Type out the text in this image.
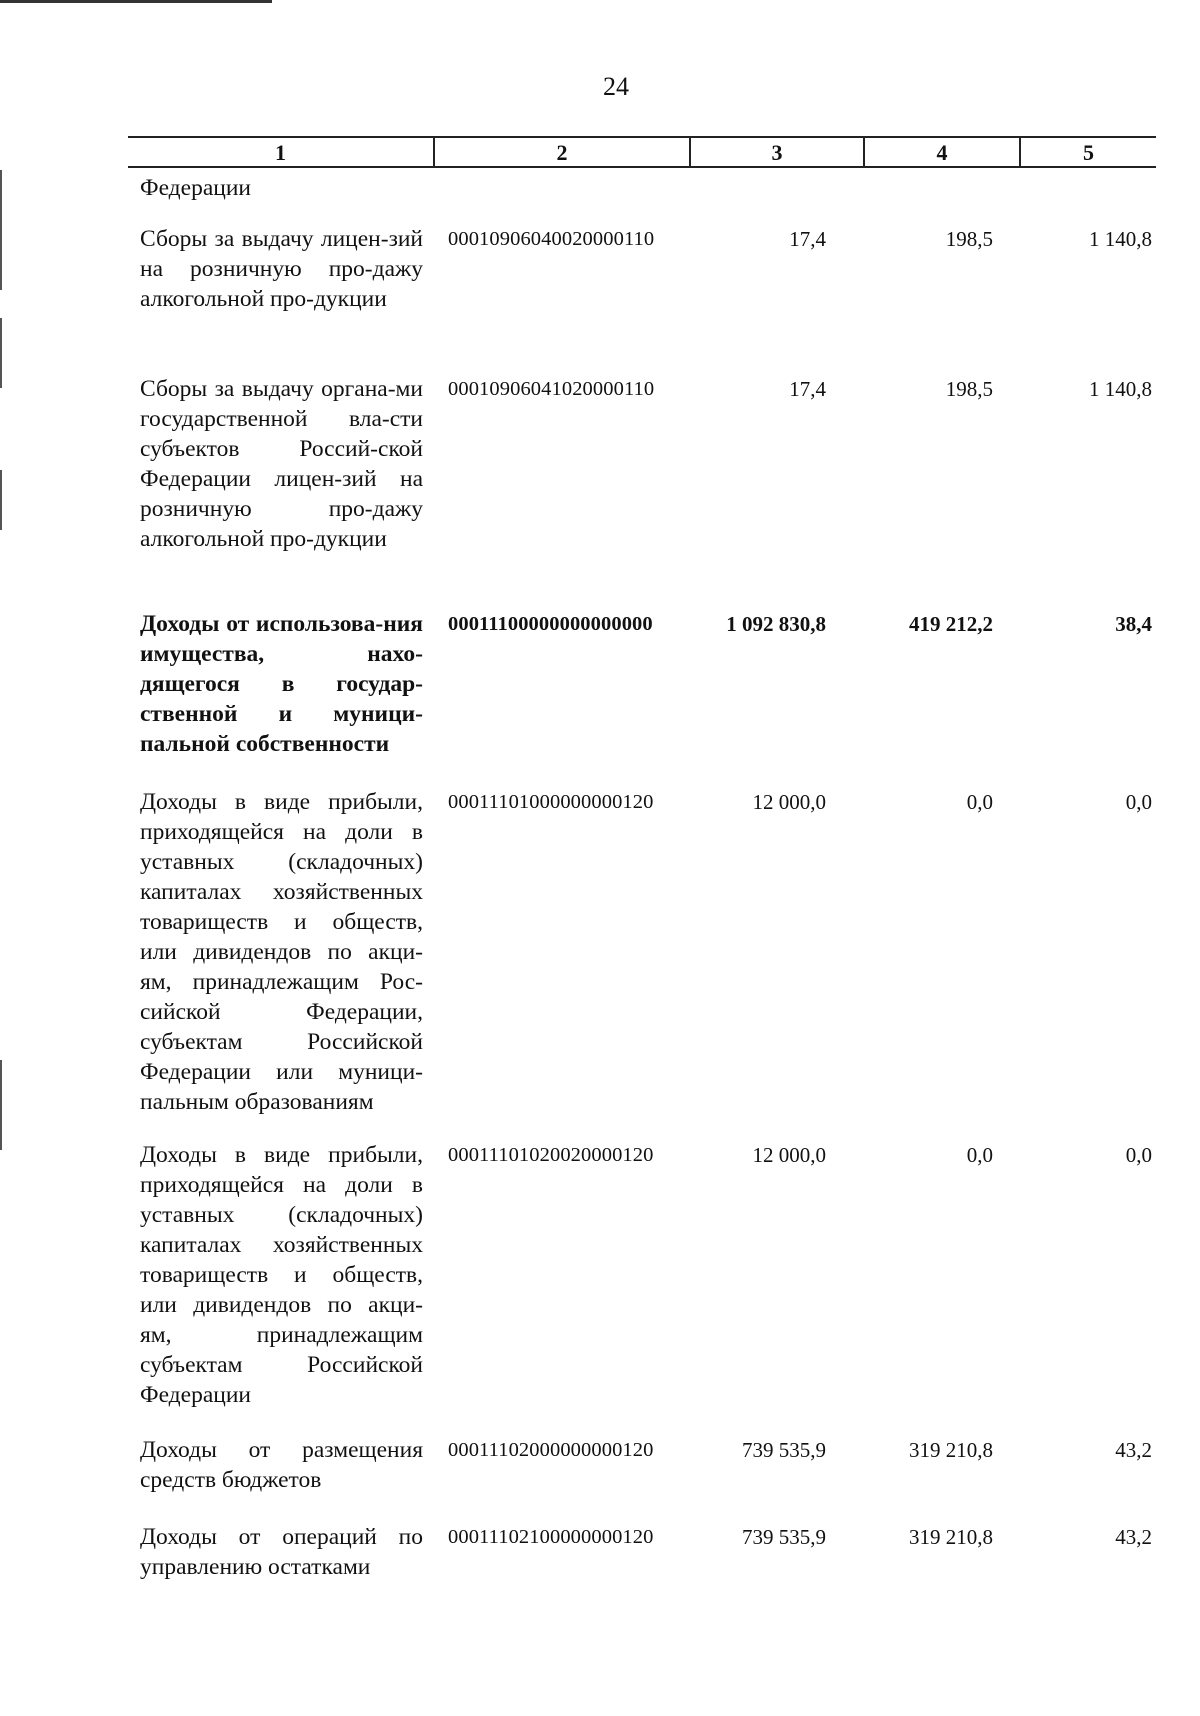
24
1	2	3	4	5
Федерации
Сборы за выдачу лицен-​зий на розничную про-​дажу алкогольной про-​дукции
00010906040020000110	17,4	198,5	1 140,8
Сборы за выдачу органа-​ми государственной вла-​сти субъектов Россий-​ской Федерации лицен-​зий на розничную про-​дажу алкогольной про-​дукции
00010906041020000110	17,4	198,5	1 140,8
Доходы от использова-​ния имущества, нахо-​дящегося в государ-​ственной и муници-​пальной собственности
00011100000000000000	1 092 830,8	419 212,2	38,4
Доходы в виде прибыли, приходящейся на доли в уставных (складочных) капиталах хозяйственных товариществ и обществ, или дивидендов по акци-​ям, принадлежащим Рос-​сийской Федерации, субъектам Российской Федерации или муници-​пальным образованиям
00011101000000000120	12 000,0	0,0	0,0
Доходы в виде прибыли, приходящейся на доли в уставных (складочных) капиталах хозяйственных товариществ и обществ, или дивидендов по акци-​ям, принадлежащим субъектам Российской Федерации
00011101020020000120	12 000,0	0,0	0,0
Доходы от размещения средств бюджетов
00011102000000000120	739 535,9	319 210,8	43,2
Доходы от операций по управлению остатками
00011102100000000120	739 535,9	319 210,8	43,2
